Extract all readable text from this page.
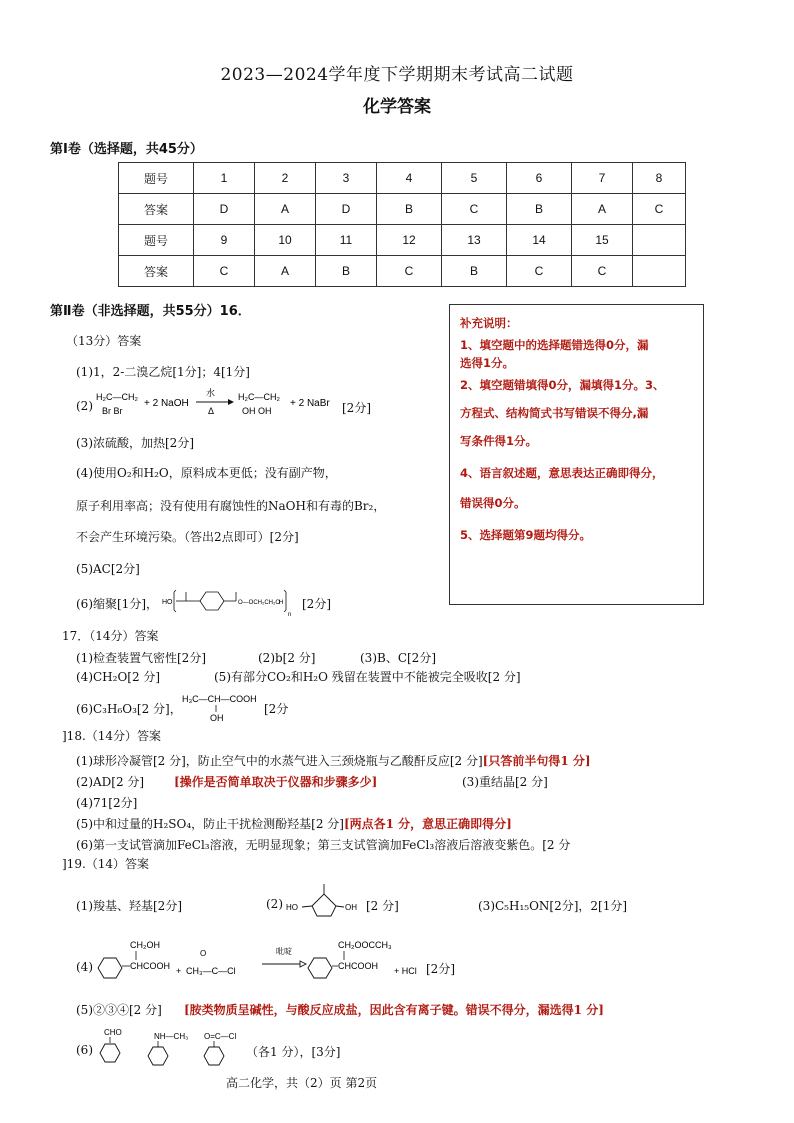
2023—2024学年度下学期期末考试高二试题
化学答案
第Ⅰ卷（选择题，共45分）
题号	1	2	3	4	5	6	7	8
答案	D	A	D	B	C	B	A	C
题号	9	10	11	12	13	14	15	
答案	C	A	B	C	B	C	C	
第Ⅱ卷（非选择题，共55分）16．
（13分）答案
(1)1，2-二溴乙烷[1分]；4[1分]
(2)
H₂C—CH₂
Br Br
+ 2 NaOH
水
Δ
H₂C—CH₂
OH OH
+ 2 NaBr [2分]
(3)浓硫酸，加热[2分]
(4)使用O₂和H₂O，原料成本更低；没有副产物，
原子利用率高；没有使用有腐蚀性的NaOH和有毒的Br₂，
不会产生环境污染。（答出2点即可）[2分]
(5)AC[2分]
(6)缩聚[1分]， HO	O—OCH₂CH₂O H
n
[2分]

补充说明：

1、填空题中的选择题错选得0分，漏

选得1分。

2、填空题错填得0分，漏填得1分。3、

方程式、结构简式书写错误不得分,漏

写条件得1分。

4、语言叙述题，意思表达正确即得分，

错误得0分。

5、选择题第9题均得分。

17．（14分）答案
(1)检查装置气密性[2分]	(2)b[2 分]	(3)B、C[2分]
(4)CH₂O[2 分]	(5)有部分CO₂和H₂O 残留在装置中不能被完全吸收[2 分]
(6)C₃H₆O₃[2 分]，
H₃C—CH—COOH
OH
[2分
]18.（14分）答案
(1)球形冷凝管[2 分]，防止空气中的水蒸气进入三颈烧瓶与乙酸酐反应[2 分][只答前半句得1 分]
(2)AD[2 分] [操作是否简单取决于仪器和步骤多少]	(3)重结晶[2 分]
(4)71[2分]
(5)中和过量的H₂SO₄，防止干扰检测酚羟基[2 分][两点各1 分，意思正确即得分]
(6)第一支试管滴加FeCl₃溶液，无明显现象；第三支试管滴加FeCl₃溶液后溶液变紫色。[2 分
]19.（14）答案
(1)羧基、羟基[2分]	(2) HO	OH [2 分]	(3)C₅H₁₅ON[2分]，2[1分]
(4)
CH₂OH
CHCOOH +
O
CH₃—C—Cl
吡啶
CH₂OOCCH₃
CHCOOH + HCl [2分]
(5)②③④[2 分] [胺类物质呈碱性，与酸反应成盐，因此含有离子键。错误不得分，漏选得1 分]
(6)
CHO	NH—CH₃ O=C—Cl
（各1 分），[3分]
高二化学，共（2）页 第2页
